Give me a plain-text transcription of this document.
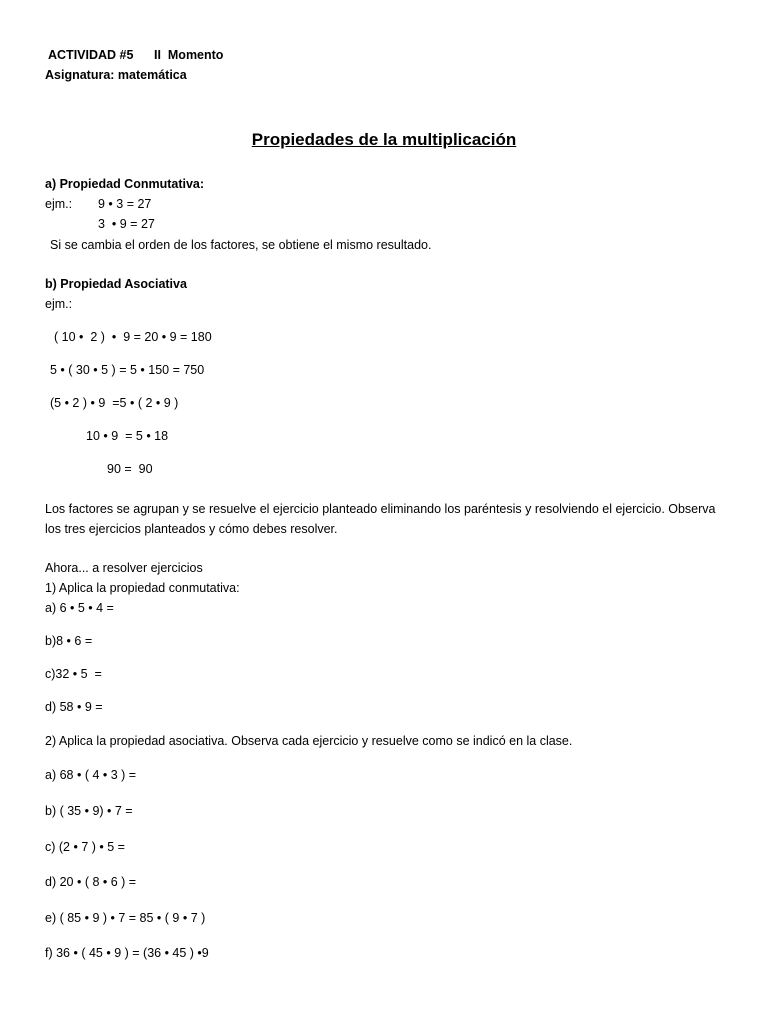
ACTIVIDAD #5 II  Momento
Asignatura: matemática
Propiedades de la multiplicación
a) Propiedad Conmutativa:
ejm.: 9 • 3 = 27
3  • 9 = 27
Si se cambia el orden de los factores, se obtiene el mismo resultado.
b) Propiedad Asociativa
ejm.:
( 10 •  2 )  •  9 = 20 • 9 = 180
5 • ( 30 • 5 ) = 5 • 150 = 750
(5 • 2 ) • 9  =5 • ( 2 • 9 )
10 • 9  = 5 • 18
90 =  90
Los factores se agrupan y se resuelve el ejercicio planteado eliminando los paréntesis y resolviendo el ejercicio. Observa
los tres ejercicios planteados y cómo debes resolver.
Ahora... a resolver ejercicios
1) Aplica la propiedad conmutativa:
a) 6 • 5 • 4 =
b)8 • 6 =
c)32 • 5  =
d) 58 • 9 =
2) Aplica la propiedad asociativa. Observa cada ejercicio y resuelve como se indicó en la clase.
a) 68 • ( 4 • 3 ) =
b) ( 35 • 9) • 7 =
c) (2 • 7 ) • 5 =
d) 20 • ( 8 • 6 ) =
e) ( 85 • 9 ) • 7 = 85 • ( 9 • 7 )
f) 36 • ( 45 • 9 ) = (36 • 45 ) •9
